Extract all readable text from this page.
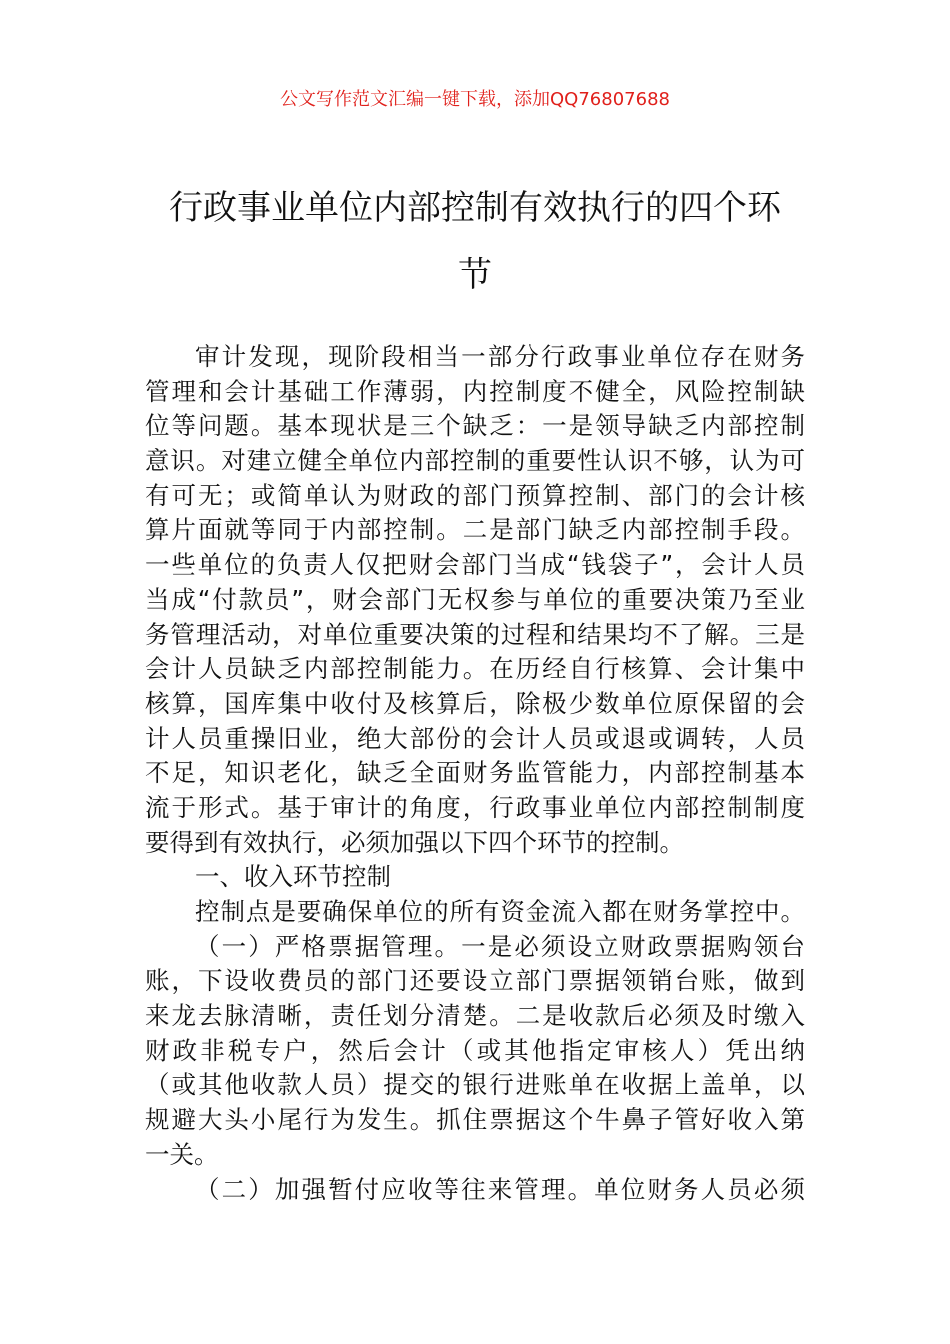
公文写作范文汇编一键下载，添加QQ76807688
行政事业单位内部控制有效执行的四个环
节
审计发现，现阶段相当一部分行政事业单位存在财务
管理和会计基础工作薄弱，内控制度不健全，风险控制缺
位等问题。基本现状是三个缺乏：一是领导缺乏内部控制
意识。对建立健全单位内部控制的重要性认识不够，认为可
有可无；或简单认为财政的部门预算控制、部门的会计核
算片面就等同于内部控制。二是部门缺乏内部控制手段。
一些单位的负责人仅把财会部门当成“钱袋子”，会计人员
当成“付款员”，财会部门无权参与单位的重要决策乃至业
务管理活动，对单位重要决策的过程和结果均不了解。三是
会计人员缺乏内部控制能力。在历经自行核算、会计集中
核算，国库集中收付及核算后，除极少数单位原保留的会
计人员重操旧业，绝大部份的会计人员或退或调转，人员
不足，知识老化，缺乏全面财务监管能力，内部控制基本
流于形式。基于审计的角度，行政事业单位内部控制制度
要得到有效执行，必须加强以下四个环节的控制。
一、收入环节控制
控制点是要确保单位的所有资金流入都在财务掌控中。
（一）严格票据管理。一是必须设立财政票据购领台
账，下设收费员的部门还要设立部门票据领销台账，做到
来龙去脉清晰，责任划分清楚。二是收款后必须及时缴入
财政非税专户，然后会计（或其他指定审核人）凭出纳
（或其他收款人员）提交的银行进账单在收据上盖单，以
规避大头小尾行为发生。抓住票据这个牛鼻子管好收入第
一关。
（二）加强暂付应收等往来管理。单位财务人员必须
